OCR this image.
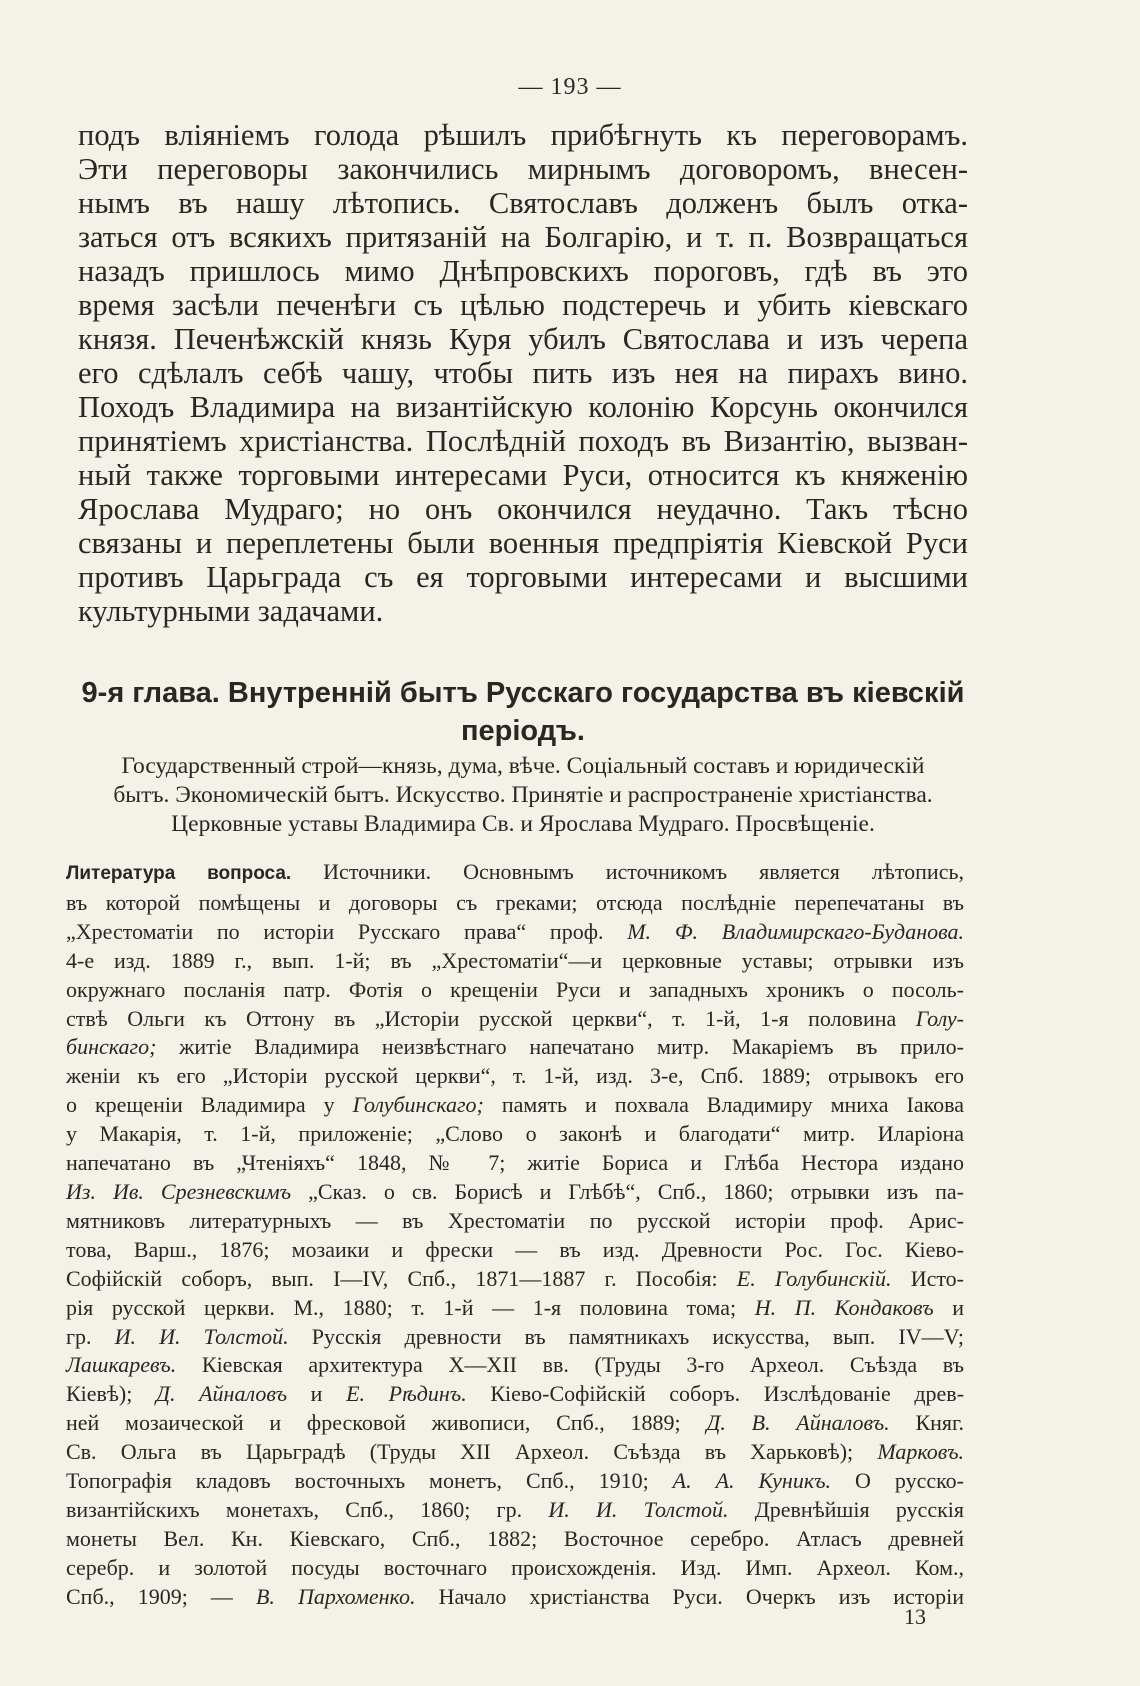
— 193 —
подъ вліяніемъ голода рѣшилъ прибѣгнуть къ переговорамъ.
Эти переговоры закончились мирнымъ договоромъ, внесен-
нымъ въ нашу лѣтопись. Святославъ долженъ былъ отка-
заться отъ всякихъ притязаній на Болгарію, и т. п. Возвращаться
назадъ пришлось мимо Днѣпровскихъ пороговъ, гдѣ въ это
время засѣли печенѣги съ цѣлью подстеречь и убить кіевскаго
князя. Печенѣжскій князь Куря убилъ Святослава и изъ черепа
его сдѣлалъ себѣ чашу, чтобы пить изъ нея на пирахъ вино.
Походъ Владимира на византійскую колонію Корсунь окончился
принятіемъ христіанства. Послѣдній походъ въ Византію, вызван-
ный также торговыми интересами Руси, относится къ княженію
Ярослава Мудраго; но онъ окончился неудачно. Такъ тѣсно
связаны и переплетены были военныя предпріятія Кіевской Руси
противъ Царьграда съ ея торговыми интересами и высшими
культурными задачами.
9-я глава. Внутренній бытъ Русскаго государства въ кіевскій
періодъ.
Государственный строй—князь, дума, вѣче. Соціальный составъ и юридическій
бытъ. Экономическій бытъ. Искусство. Принятіе и распространеніе христіанства.
Церковные уставы Владимира Св. и Ярослава Мудраго. Просвѣщеніе.
Литература вопроса. Источники. Основнымъ источникомъ является лѣтопись,
въ которой помѣщены и договоры съ греками; отсюда послѣдніе перепечатаны въ
„Хрестоматіи по исторіи Русскаго права“ проф. М. Ф. Владимирскаго-Буданова.
4-е изд. 1889 г., вып. 1-й; въ „Хрестоматіи“—и церковные уставы; отрывки изъ
окружнаго посланія патр. Фотія о крещеніи Руси и западныхъ хроникъ о посоль-
ствѣ Ольги къ Оттону въ „Исторіи русской церкви“, т. 1-й, 1-я половина Голу-
бинскаго; житіе Владимира неизвѣстнаго напечатано митр. Макаріемъ въ прило-
женіи къ его „Исторіи русской церкви“, т. 1-й, изд. 3-е, Спб. 1889; отрывокъ его
о крещеніи Владимира у Голубинскаго; память и похвала Владимиру мниха Іакова
у Макарія, т. 1-й, приложеніе; „Слово о законѣ и благодати“ митр. Иларіона
напечатано въ „Чтеніяхъ“ 1848, № 7; житіе Бориса и Глѣба Нестора издано
Из. Ив. Срезневскимъ „Сказ. о св. Борисѣ и Глѣбѣ“, Спб., 1860; отрывки изъ па-
мятниковъ литературныхъ — въ Хрестоматіи по русской исторіи проф. Арис-
това, Варш., 1876; мозаики и фрески — въ изд. Древности Рос. Гос. Кіево-
Софійскій соборъ, вып. I—IV, Спб., 1871—1887 г. Пособія: Е. Голубинскій. Исто-
рія русской церкви. М., 1880; т. 1-й — 1-я половина тома; Н. П. Кондаковъ и
гр. И. И. Толстой. Русскія древности въ памятникахъ искусства, вып. IV—V;
Лашкаревъ. Кіевская архитектура X—XII вв. (Труды 3-го Археол. Съѣзда въ
Кіевѣ); Д. Айналовъ и Е. Рѣдинъ. Кіево-Софійскій соборъ. Изслѣдованіе древ-
ней мозаической и фресковой живописи, Спб., 1889; Д. В. Айналовъ. Княг.
Св. Ольга въ Царьградѣ (Труды XII Археол. Съѣзда въ Харьковѣ); Марковъ.
Топографія кладовъ восточныхъ монетъ, Спб., 1910; А. А. Куникъ. О русско-
византійскихъ монетахъ, Спб., 1860; гр. И. И. Толстой. Древнѣйшія русскія
монеты Вел. Кн. Кіевскаго, Спб., 1882; Восточное серебро. Атласъ древней
серебр. и золотой посуды восточнаго происхожденія. Изд. Имп. Археол. Ком.,
Спб., 1909; — В. Пархоменко. Начало христіанства Руси. Очеркъ изъ исторіи
13
